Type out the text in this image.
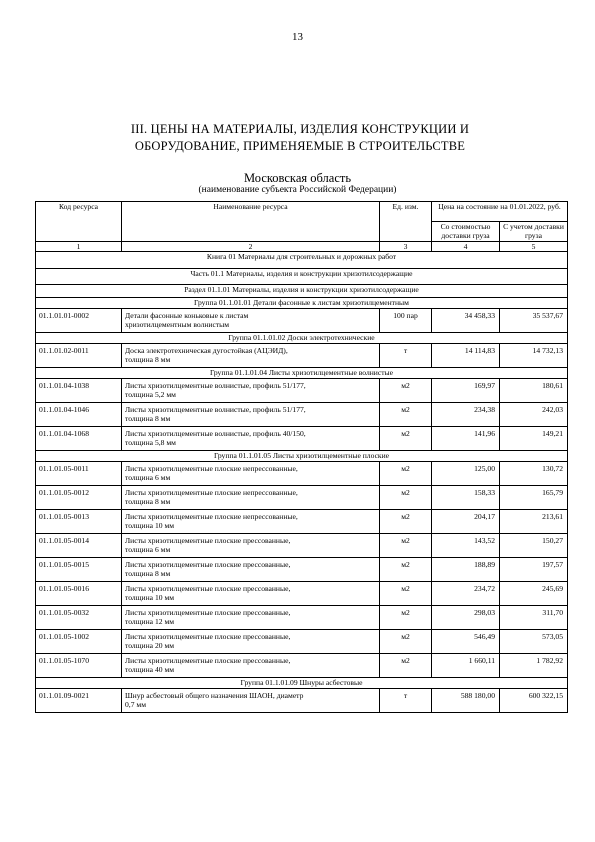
13
III. ЦЕНЫ НА МАТЕРИАЛЫ, ИЗДЕЛИЯ КОНСТРУКЦИИ И
ОБОРУДОВАНИЕ, ПРИМЕНЯЕМЫЕ В СТРОИТЕЛЬСТВЕ
Московская область
(наименование субъекта Российской Федерации)
Код ресурса	Наименование ресурса	Ед. изм.	Цена на состояние на 01.01.2022, руб.	
			Со стоимостью доставки груза	С учетом доставки груза
1	2	3	4	5
Книга 01 Материалы для строительных и дорожных работ				
Часть 01.1 Материалы, изделия и конструкции хризотилсодержащие				
Раздел 01.1.01 Материалы, изделия и конструкции хризотилсодержащие				
Группа 01.1.01.01 Детали фасонные к листам хризотилцементным				
01.1.01.01-0002	Детали фасонные коньковые к листам
хризотилцементным волнистым	100 пар	34 458,33	35 537,67
Группа 01.1.01.02 Доски электротехнические				
01.1.01.02-0011	Доска электротехническая дугостойкая (АЦЭИД),
толщина 8 мм	т	14 114,83	14 732,13
Группа 01.1.01.04 Листы хризотилцементные волнистые				
01.1.01.04-1038	Листы хризотилцементные волнистые, профиль 51/177,
толщина 5,2 мм	м2	169,97	180,61
01.1.01.04-1046	Листы хризотилцементные волнистые, профиль 51/177,
толщина 8 мм	м2	234,38	242,03
01.1.01.04-1068	Листы хризотилцементные волнистые, профиль 40/150,
толщина 5,8 мм	м2	141,96	149,21
Группа 01.1.01.05 Листы хризотилцементные плоские				
01.1.01.05-0011	Листы хризотилцементные плоские непрессованные,
толщина 6 мм	м2	125,00	130,72
01.1.01.05-0012	Листы хризотилцементные плоские непрессованные,
толщина 8 мм	м2	158,33	165,79
01.1.01.05-0013	Листы хризотилцементные плоские непрессованные,
толщина 10 мм	м2	204,17	213,61
01.1.01.05-0014	Листы хризотилцементные плоские прессованные,
толщина 6 мм	м2	143,52	150,27
01.1.01.05-0015	Листы хризотилцементные плоские прессованные,
толщина 8 мм	м2	188,89	197,57
01.1.01.05-0016	Листы хризотилцементные плоские прессованные,
толщина 10 мм	м2	234,72	245,69
01.1.01.05-0032	Листы хризотилцементные плоские прессованные,
толщина 12 мм	м2	298,03	311,70
01.1.01.05-1002	Листы хризотилцементные плоские прессованные,
толщина 20 мм	м2	546,49	573,05
01.1.01.05-1070	Листы хризотилцементные плоские прессованные,
толщина 40 мм	м2	1 660,11	1 782,92
Группа 01.1.01.09 Шнуры асбестовые				
01.1.01.09-0021	Шнур асбестовый общего назначения ШАОН, диаметр
0,7 мм	т	588 180,00	600 322,15
